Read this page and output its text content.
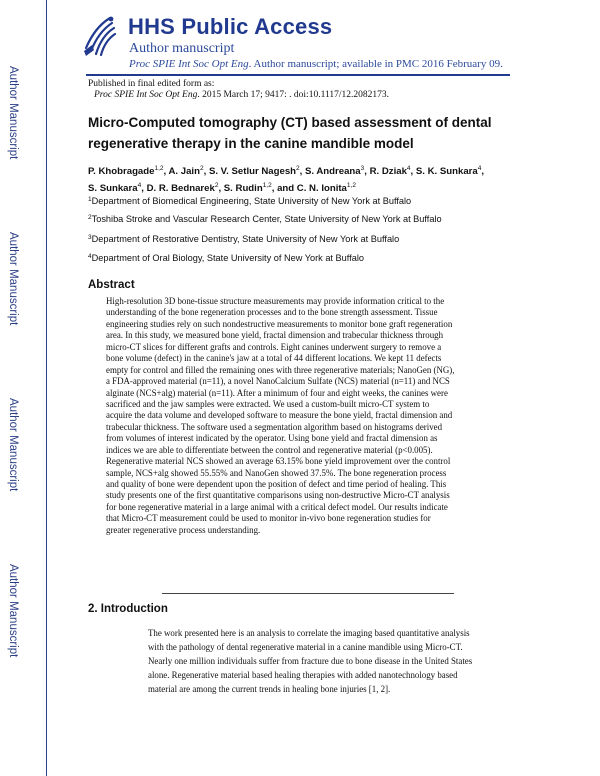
Author Manuscript
Author Manuscript
Author Manuscript
Author Manuscript
HHS Public Access
Author manuscript
Proc SPIE Int Soc Opt Eng. Author manuscript; available in PMC 2016 February 09.
Published in final edited form as:
Proc SPIE Int Soc Opt Eng. 2015 March 17; 9417: . doi:10.1117/12.2082173.
Micro-Computed tomography (CT) based assessment of dental
regenerative therapy in the canine mandible model
P. Khobragade$^{1,2}$, A. Jain$^2$, S. V. Setlur Nagesh$^2$, S. Andreana$^3$, R. Dziak$^4$, S. K. Sunkara$^4$,
S. Sunkara$^4$, D. R. Bednarek$^2$, S. Rudin$^{1,2}$, and C. N. Ionita$^{1,2}$
$^1$Department of Biomedical Engineering, State University of New York at Buffalo
$^2$Toshiba Stroke and Vascular Research Center, State University of New York at Buffalo
$^3$Department of Restorative Dentistry, State University of New York at Buffalo
$^4$Department of Oral Biology, State University of New York at Buffalo
Abstract
High-resolution 3D bone-tissue structure measurements may provide information critical to the
understanding of the bone regeneration processes and to the bone strength assessment. Tissue
engineering studies rely on such nondestructive measurements to monitor bone graft regeneration
area. In this study, we measured bone yield, fractal dimension and trabecular thickness through
micro-CT slices for different grafts and controls. Eight canines underwent surgery to remove a
bone volume (defect) in the canine's jaw at a total of 44 different locations. We kept 11 defects
empty for control and filled the remaining ones with three regenerative materials; NanoGen (NG),
a FDA-approved material (n=11), a novel NanoCalcium Sulfate (NCS) material (n=11) and NCS
alginate (NCS+alg) material (n=11). After a minimum of four and eight weeks, the canines were
sacrificed and the jaw samples were extracted. We used a custom-built micro-CT system to
acquire the data volume and developed software to measure the bone yield, fractal dimension and
trabecular thickness. The software used a segmentation algorithm based on histograms derived
from volumes of interest indicated by the operator. Using bone yield and fractal dimension as
indices we are able to differentiate between the control and regenerative material (p<0.005).
Regenerative material NCS showed an average 63.15% bone yield improvement over the control
sample, NCS+alg showed 55.55% and NanoGen showed 37.5%. The bone regeneration process
and quality of bone were dependent upon the position of defect and time period of healing. This
study presents one of the first quantitative comparisons using non-destructive Micro-CT analysis
for bone regenerative material in a large animal with a critical defect model. Our results indicate
that Micro-CT measurement could be used to monitor in-vivo bone regeneration studies for
greater regenerative process understanding.
2. Introduction
The work presented here is an analysis to correlate the imaging based quantitative analysis
with the pathology of dental regenerative material in a canine mandible using Micro-CT.
Nearly one million individuals suffer from fracture due to bone disease in the United States
alone. Regenerative material based healing therapies with added nanotechnology based
material are among the current trends in healing bone injuries [1, 2].
